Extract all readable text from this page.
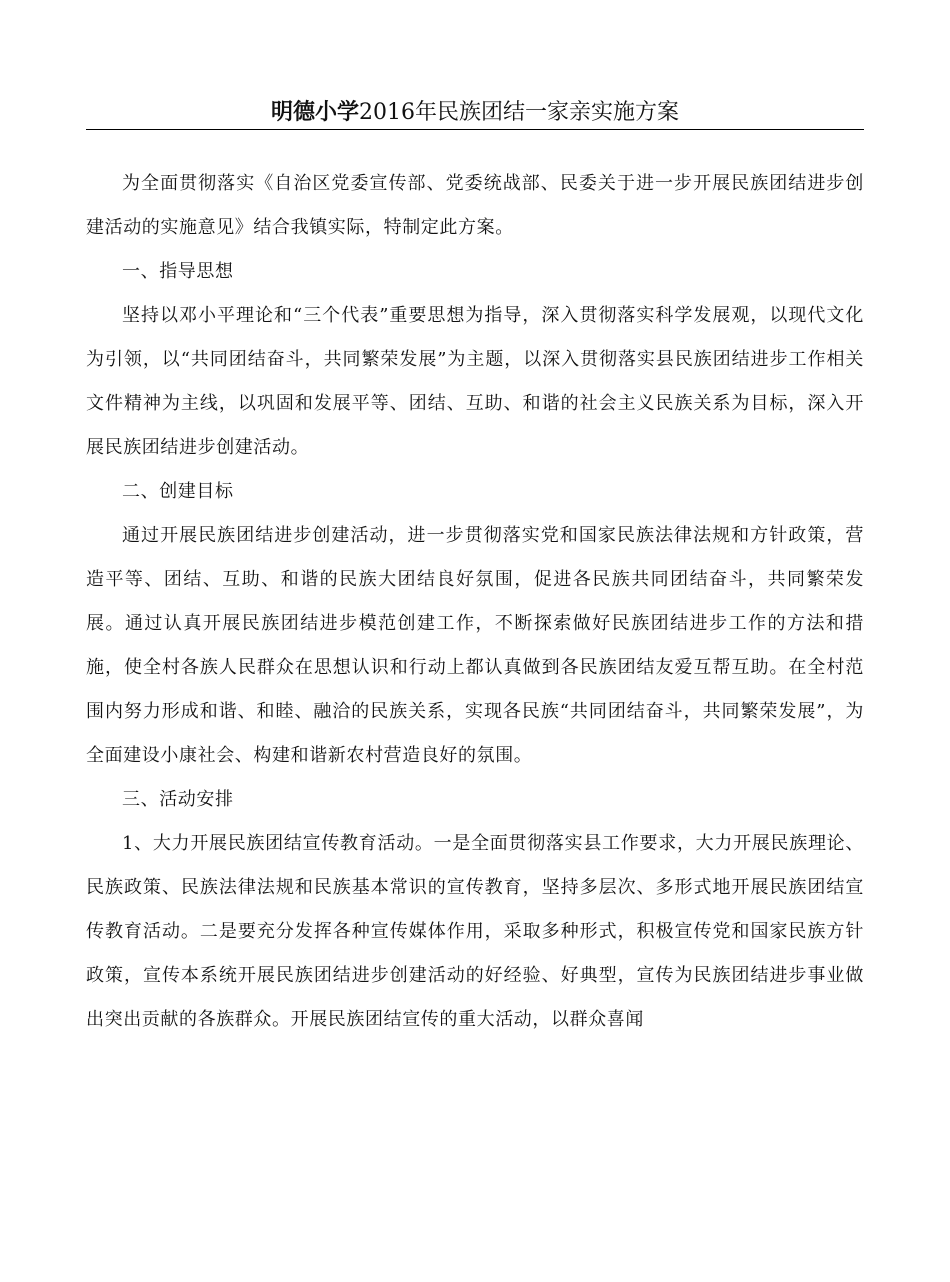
明德小学2016年民族团结一家亲实施方案

为全面贯彻落实《自治区党委宣传部、党委统战部、民委关于进一步开展民族团结进步创建活动的实施意见》结合我镇实际，特制定此方案。

一、指导思想

坚持以邓小平理论和“三个代表”重要思想为指导，深入贯彻落实科学发展观，以现代文化为引领，以“共同团结奋斗，共同繁荣发展”为主题，以深入贯彻落实县民族团结进步工作相关文件精神为主线，以巩固和发展平等、团结、互助、和谐的社会主义民族关系为目标，深入开展民族团结进步创建活动。

二、创建目标

通过开展民族团结进步创建活动，进一步贯彻落实党和国家民族法律法规和方针政策，营造平等、团结、互助、和谐的民族大团结良好氛围，促进各民族共同团结奋斗，共同繁荣发展。通过认真开展民族团结进步模范创建工作，不断探索做好民族团结进步工作的方法和措施，使全村各族人民群众在思想认识和行动上都认真做到各民族团结友爱互帮互助。在全村范围内努力形成和谐、和睦、融洽的民族关系，实现各民族“共同团结奋斗，共同繁荣发展”，为全面建设小康社会、构建和谐新农村营造良好的氛围。

三、活动安排

1、大力开展民族团结宣传教育活动。一是全面贯彻落实县工作要求，大力开展民族理论、民族政策、民族法律法规和民族基本常识的宣传教育，坚持多层次、多形式地开展民族团结宣传教育活动。二是要充分发挥各种宣传媒体作用，采取多种形式，积极宣传党和国家民族方针政策，宣传本系统开展民族团结进步创建活动的好经验、好典型，宣传为民族团结进步事业做出突出贡献的各族群众。开展民族团结宣传的重大活动，以群众喜闻
